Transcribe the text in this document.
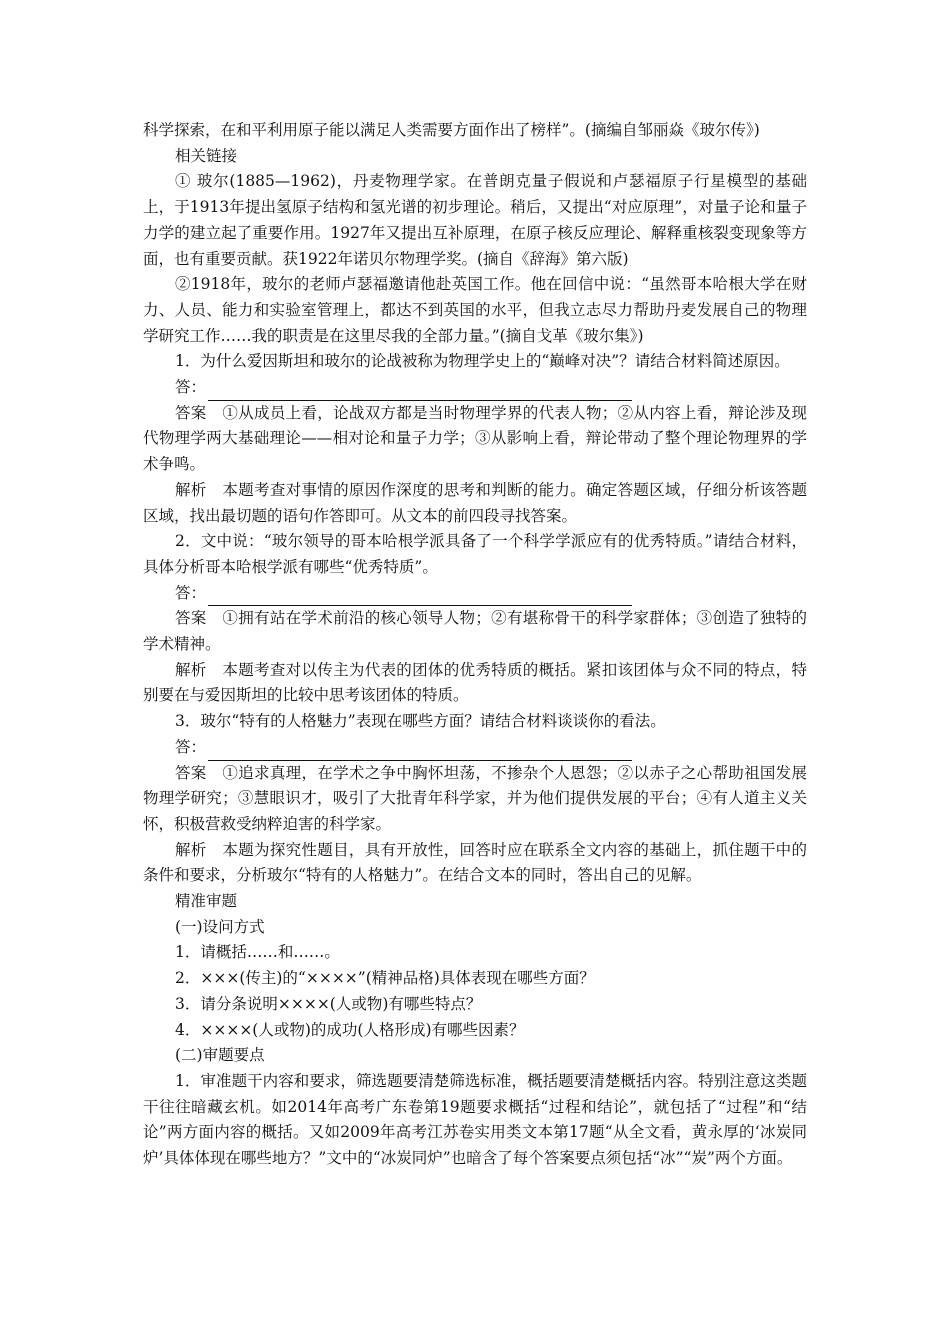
科学探索，在和平利用原子能以满足人类需要方面作出了榜样”。(摘编自邹丽焱《玻尔传》)

相关链接

① 玻尔(1885—1962)，丹麦物理学家。在普朗克量子假说和卢瑟福原子行星模型的基础上，于1913年提出氢原子结构和氢光谱的初步理论。稍后，又提出“对应原理”，对量子论和量子力学的建立起了重要作用。1927年又提出互补原理，在原子核反应理论、解释重核裂变现象等方面，也有重要贡献。获1922年诺贝尔物理学奖。(摘自《辞海》第六版)

②1918年，玻尔的老师卢瑟福邀请他赴英国工作。他在回信中说：“虽然哥本哈根大学在财力、人员、能力和实验室管理上，都达不到英国的水平，但我立志尽力帮助丹麦发展自己的物理学研究工作……我的职责是在这里尽我的全部力量。”(摘自戈革《玻尔集》)

1．为什么爱因斯坦和玻尔的论战被称为物理学史上的“巅峰对决”？请结合材料简述原因。

答：

答案　①从成员上看，论战双方都是当时物理学界的代表人物；②从内容上看，辩论涉及现代物理学两大基础理论——相对论和量子力学；③从影响上看，辩论带动了整个理论物理界的学术争鸣。

解析　本题考查对事情的原因作深度的思考和判断的能力。确定答题区域，仔细分析该答题区域，找出最切题的语句作答即可。从文本的前四段寻找答案。

2．文中说：“玻尔领导的哥本哈根学派具备了一个科学学派应有的优秀特质。”请结合材料，具体分析哥本哈根学派有哪些“优秀特质”。

答：

答案　①拥有站在学术前沿的核心领导人物；②有堪称骨干的科学家群体；③创造了独特的学术精神。

解析　本题考查对以传主为代表的团体的优秀特质的概括。紧扣该团体与众不同的特点，特别要在与爱因斯坦的比较中思考该团体的特质。

3．玻尔“特有的人格魅力”表现在哪些方面？请结合材料谈谈你的看法。

答：

答案　①追求真理，在学术之争中胸怀坦荡，不掺杂个人恩怨；②以赤子之心帮助祖国发展物理学研究；③慧眼识才，吸引了大批青年科学家，并为他们提供发展的平台；④有人道主义关怀，积极营救受纳粹迫害的科学家。

解析　本题为探究性题目，具有开放性，回答时应在联系全文内容的基础上，抓住题干中的条件和要求，分析玻尔“特有的人格魅力”。在结合文本的同时，答出自己的见解。

精准审题

(一)设问方式

1．请概括……和……。

2．×××(传主)的“××××”(精神品格)具体表现在哪些方面？

3．请分条说明××××(人或物)有哪些特点？

4．××××(人或物)的成功(人格形成)有哪些因素？

(二)审题要点

1．审准题干内容和要求，筛选题要清楚筛选标准，概括题要清楚概括内容。特别注意这类题干往往暗藏玄机。如2014年高考广东卷第19题要求概括“过程和结论”，就包括了“过程”和“结论”两方面内容的概括。又如2009年高考江苏卷实用类文本第17题“从全文看，黄永厚的‘冰炭同炉’具体体现在哪些地方？”文中的“冰炭同炉”也暗含了每个答案要点须包括“冰”“炭”两个方面。
